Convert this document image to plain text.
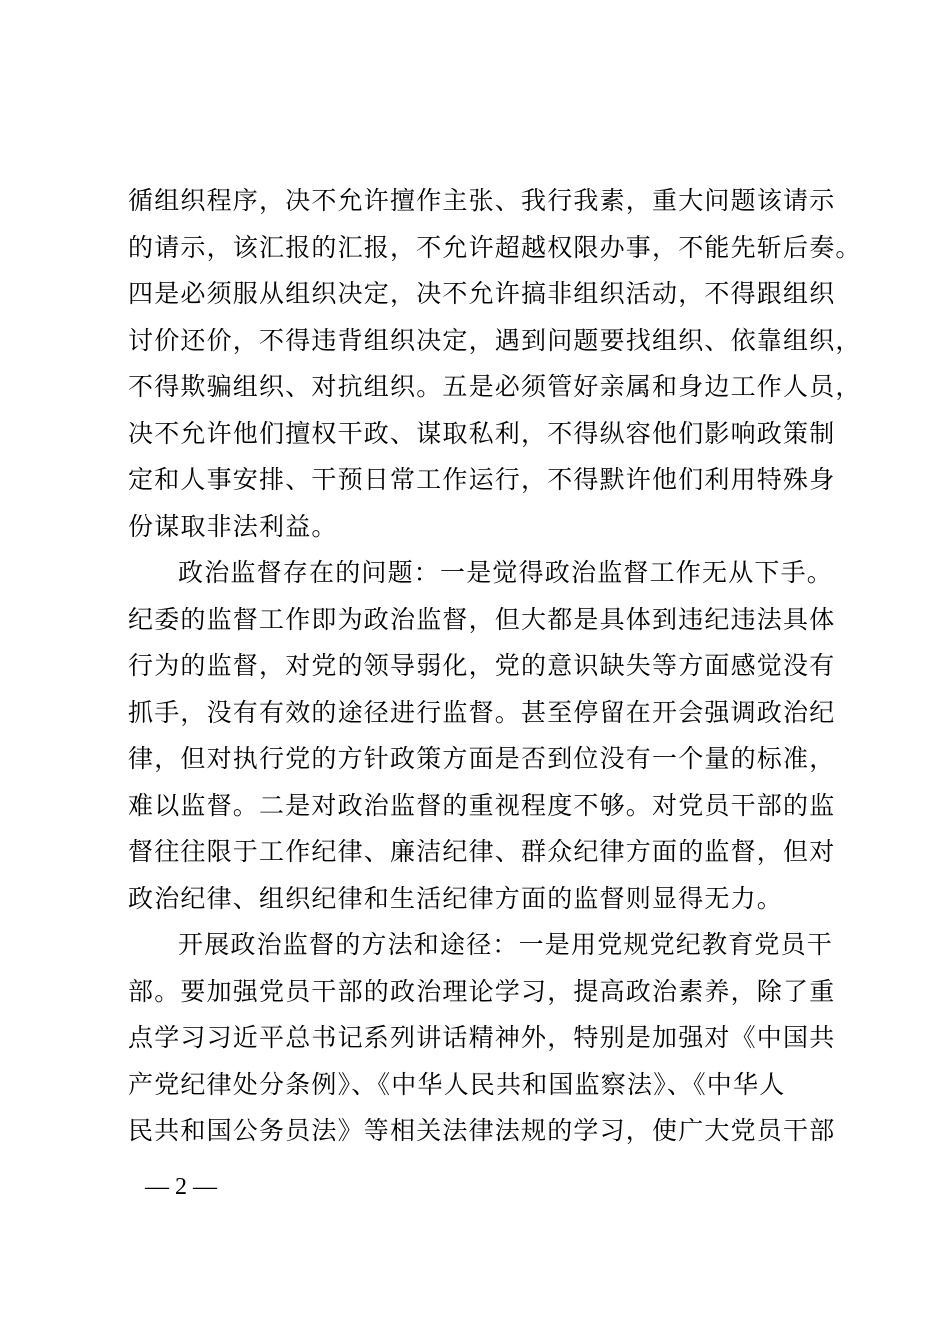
循组织程序，决不允许擅作主张、我行我素，重大问题该请示
的请示，该汇报的汇报，不允许超越权限办事，不能先斩后奏。
四是必须服从组织决定，决不允许搞非组织活动，不得跟组织
讨价还价，不得违背组织决定，遇到问题要找组织、依靠组织，
不得欺骗组织、对抗组织。五是必须管好亲属和身边工作人员，
决不允许他们擅权干政、谋取私利，不得纵容他们影响政策制
定和人事安排、干预日常工作运行，不得默许他们利用特殊身
份谋取非法利益。
政治监督存在的问题：一是觉得政治监督工作无从下手。
纪委的监督工作即为政治监督，但大都是具体到违纪违法具体
行为的监督，对党的领导弱化，党的意识缺失等方面感觉没有
抓手，没有有效的途径进行监督。甚至停留在开会强调政治纪
律，但对执行党的方针政策方面是否到位没有一个量的标准，
难以监督。二是对政治监督的重视程度不够。对党员干部的监
督往往限于工作纪律、廉洁纪律、群众纪律方面的监督，但对
政治纪律、组织纪律和生活纪律方面的监督则显得无力。
开展政治监督的方法和途径：一是用党规党纪教育党员干
部。要加强党员干部的政治理论学习，提高政治素养，除了重
点学习习近平总书记系列讲话精神外，特别是加强对《中国共
产党纪律处分条例》、《中华人民共和国监察法》、《中华人
民共和国公务员法》等相关法律法规的学习，使广大党员干部
— 2 —
